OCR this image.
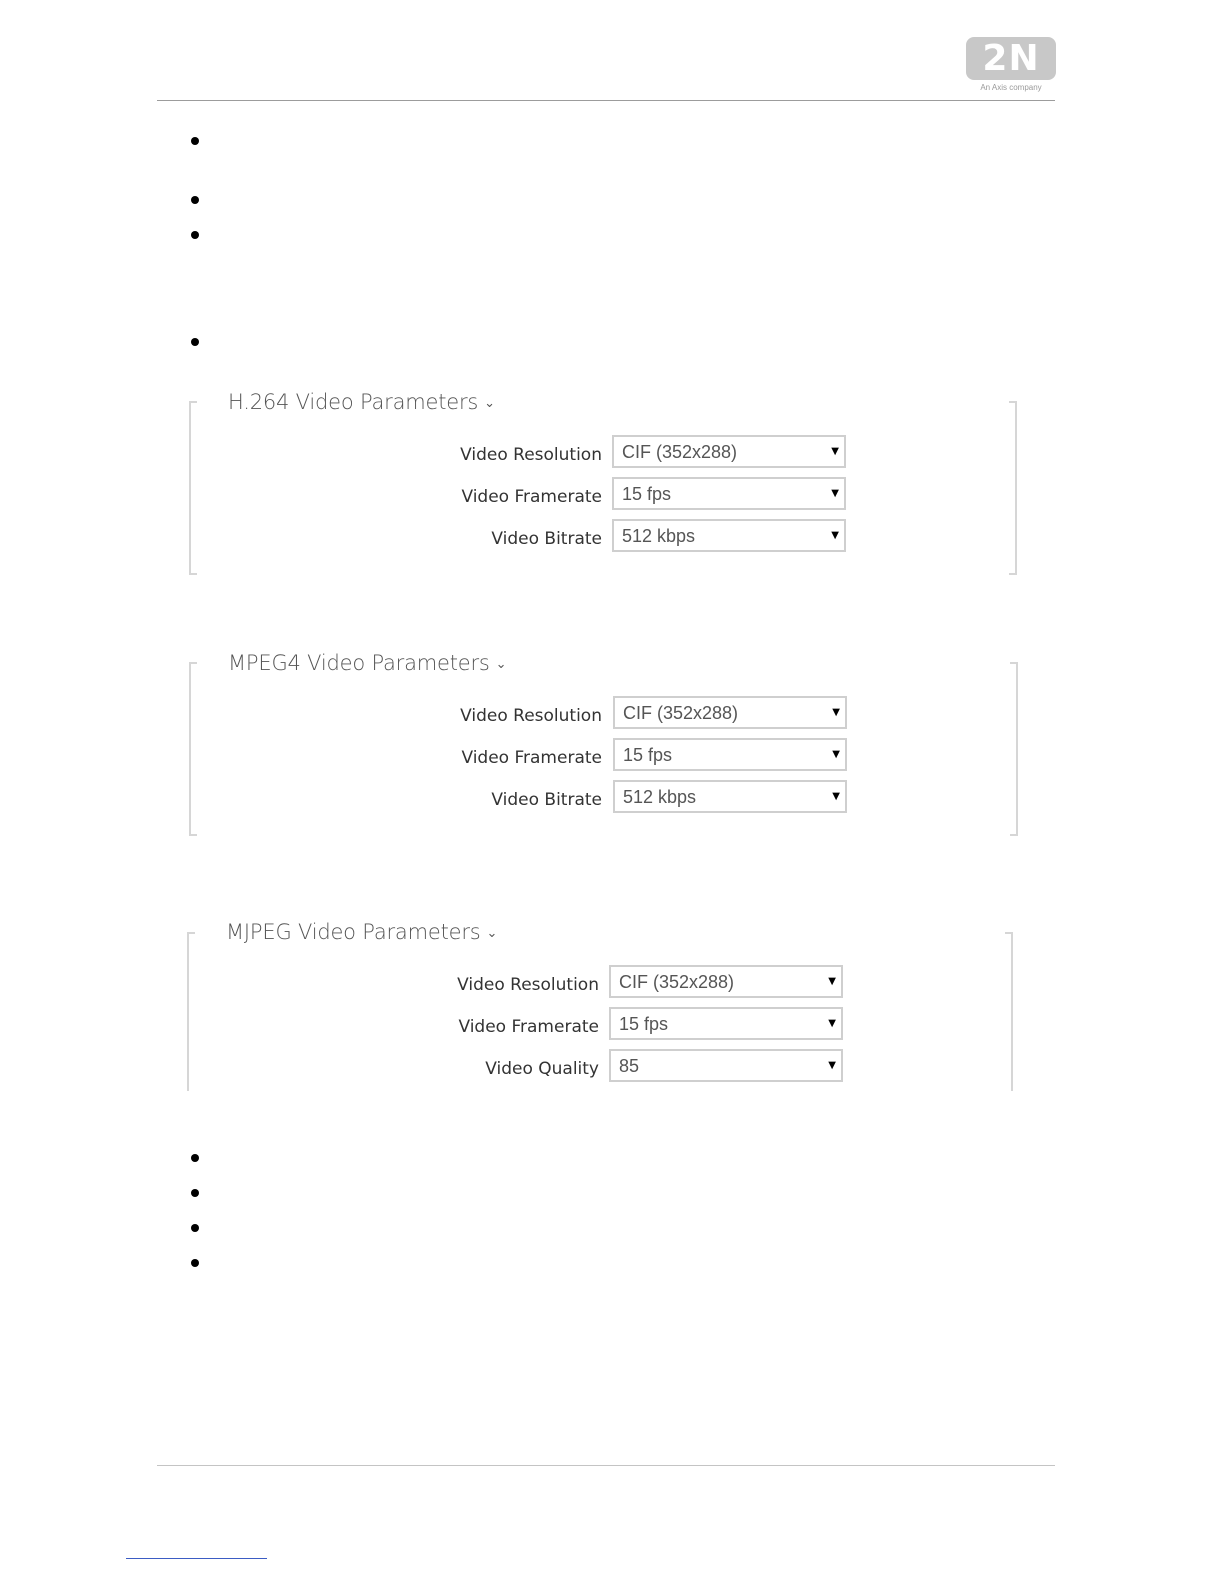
2N
An Axis company
H.264 Video Parameters ⌄
Video Resolution CIF (352x288)	▼
Video Framerate 15 fps	▼
Video Bitrate 512 kbps	▼
MPEG4 Video Parameters ⌄
Video Resolution CIF (352x288)	▼
Video Framerate 15 fps	▼
Video Bitrate 512 kbps	▼
MJPEG Video Parameters ⌄
Video Resolution CIF (352x288)	▼
Video Framerate 15 fps	▼
Video Quality 85	▼
